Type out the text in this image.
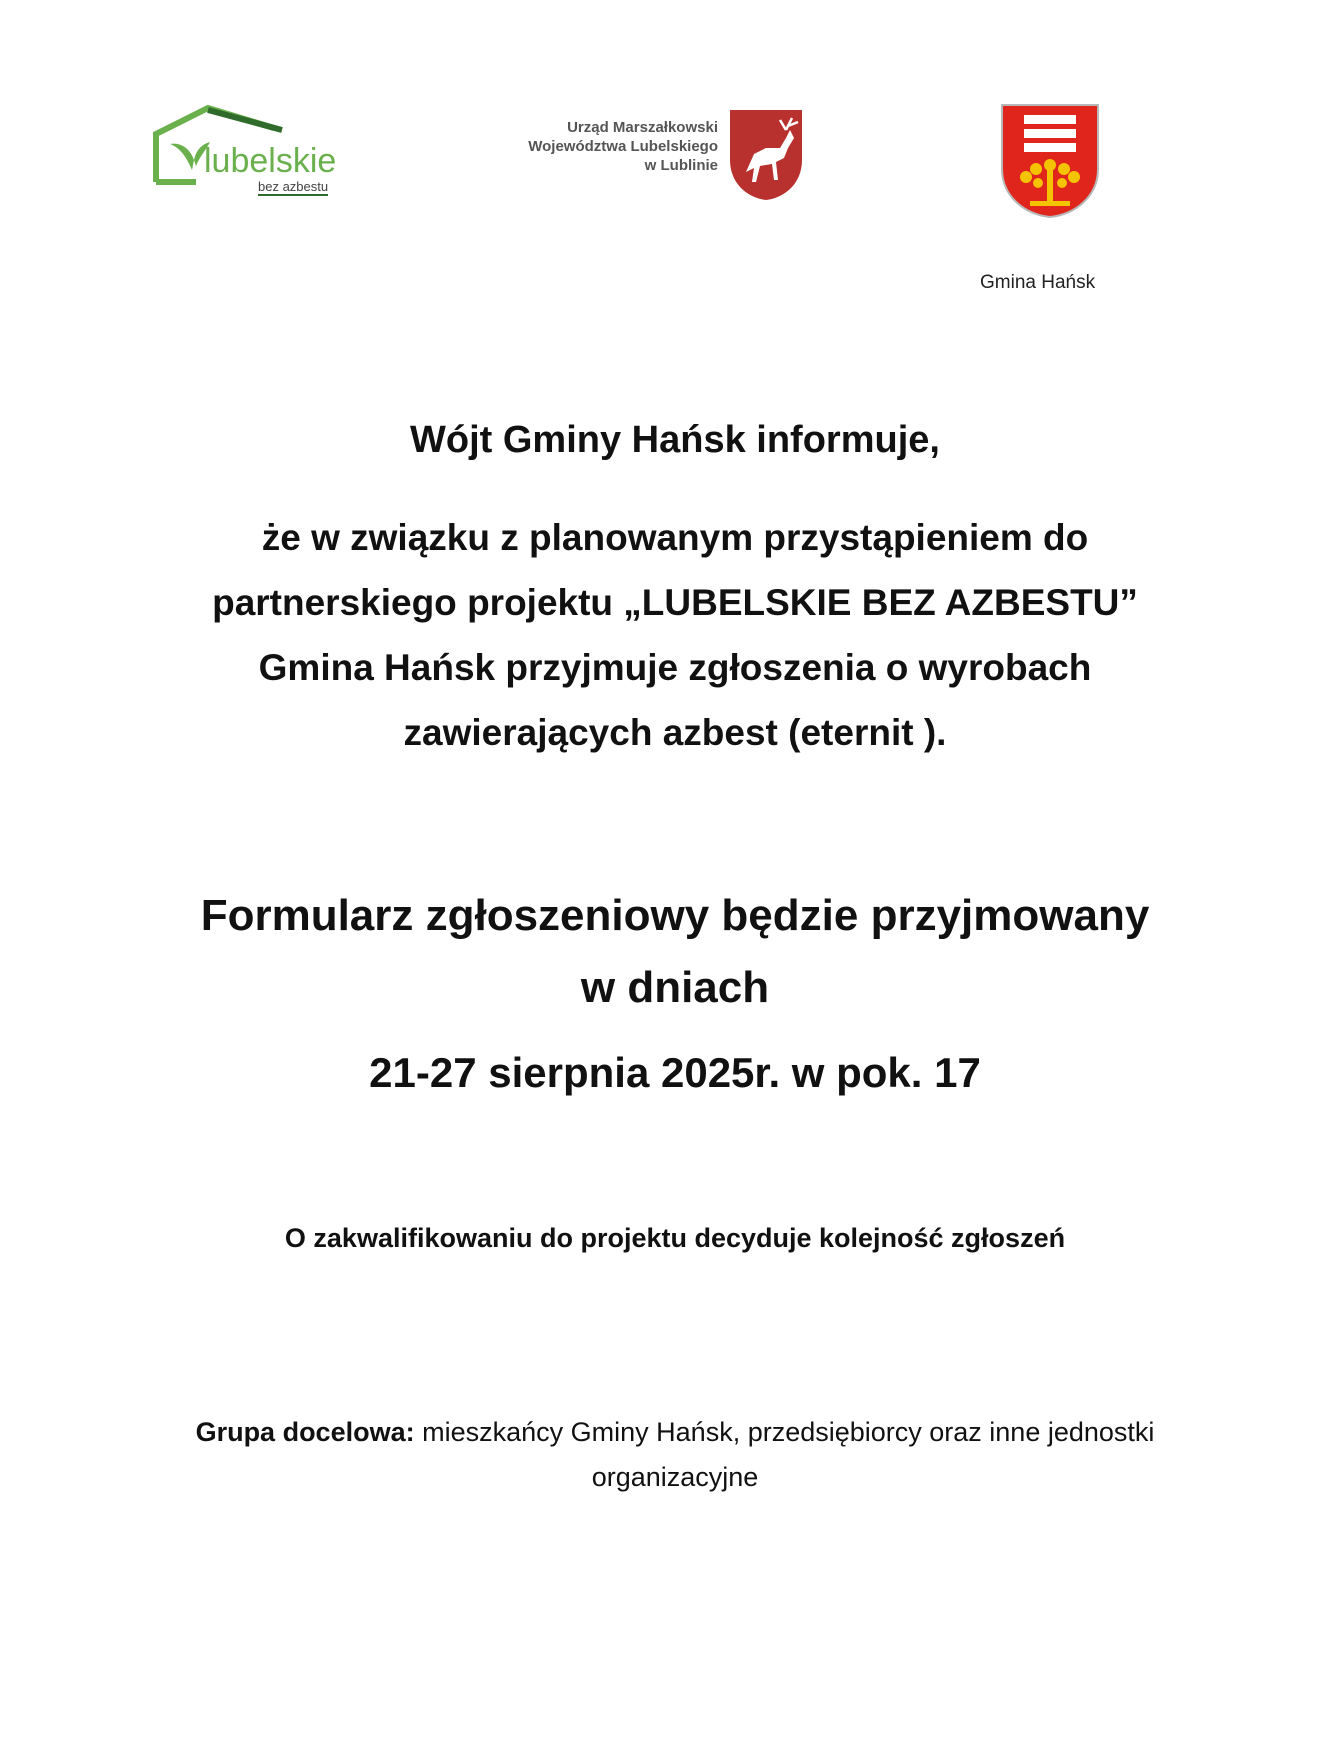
lubelskie
bez azbestu
Urząd Marszałkowski
Województwa Lubelskiego
w Lublinie
Gmina Hańsk
Wójt Gminy Hańsk informuje,
że w związku z planowanym przystąpieniem do
partnerskiego projektu „LUBELSKIE BEZ AZBESTU”
Gmina Hańsk przyjmuje zgłoszenia o wyrobach
zawierających azbest (eternit ).
Formularz zgłoszeniowy będzie przyjmowany
w dniach
21-27 sierpnia 2025r. w pok. 17
O zakwalifikowaniu do projektu decyduje kolejność zgłoszeń
Grupa docelowa: mieszkańcy Gminy Hańsk, przedsiębiorcy oraz inne jednostki
organizacyjne
